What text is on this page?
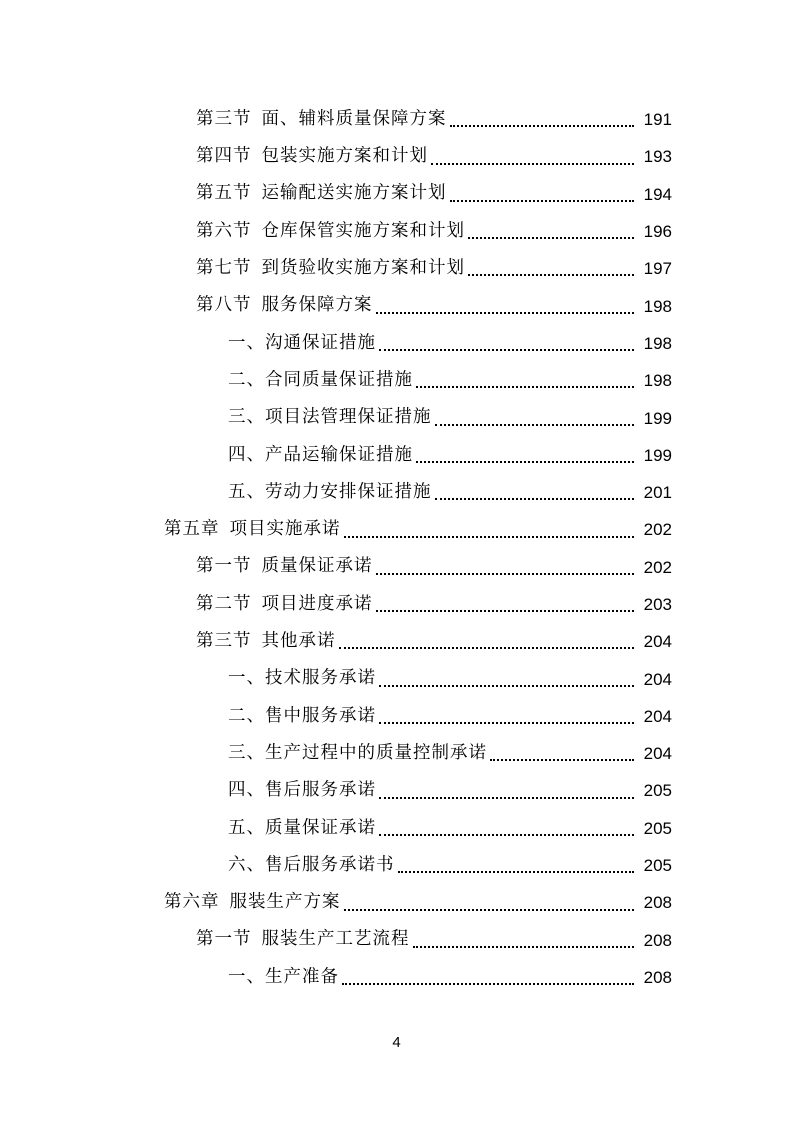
第三节 面、辅料质量保障方案	191
第四节 包装实施方案和计划	193
第五节 运输配送实施方案计划	194
第六节 仓库保管实施方案和计划	196
第七节 到货验收实施方案和计划	197
第八节 服务保障方案	198
一、沟通保证措施	198
二、合同质量保证措施	198
三、项目法管理保证措施	199
四、产品运输保证措施	199
五、劳动力安排保证措施	201
第五章 项目实施承诺	202
第一节 质量保证承诺	202
第二节 项目进度承诺	203
第三节 其他承诺	204
一、技术服务承诺	204
二、售中服务承诺	204
三、生产过程中的质量控制承诺	204
四、售后服务承诺	205
五、质量保证承诺	205
六、售后服务承诺书	205
第六章 服装生产方案	208
第一节 服装生产工艺流程	208
一、生产准备	208
4
